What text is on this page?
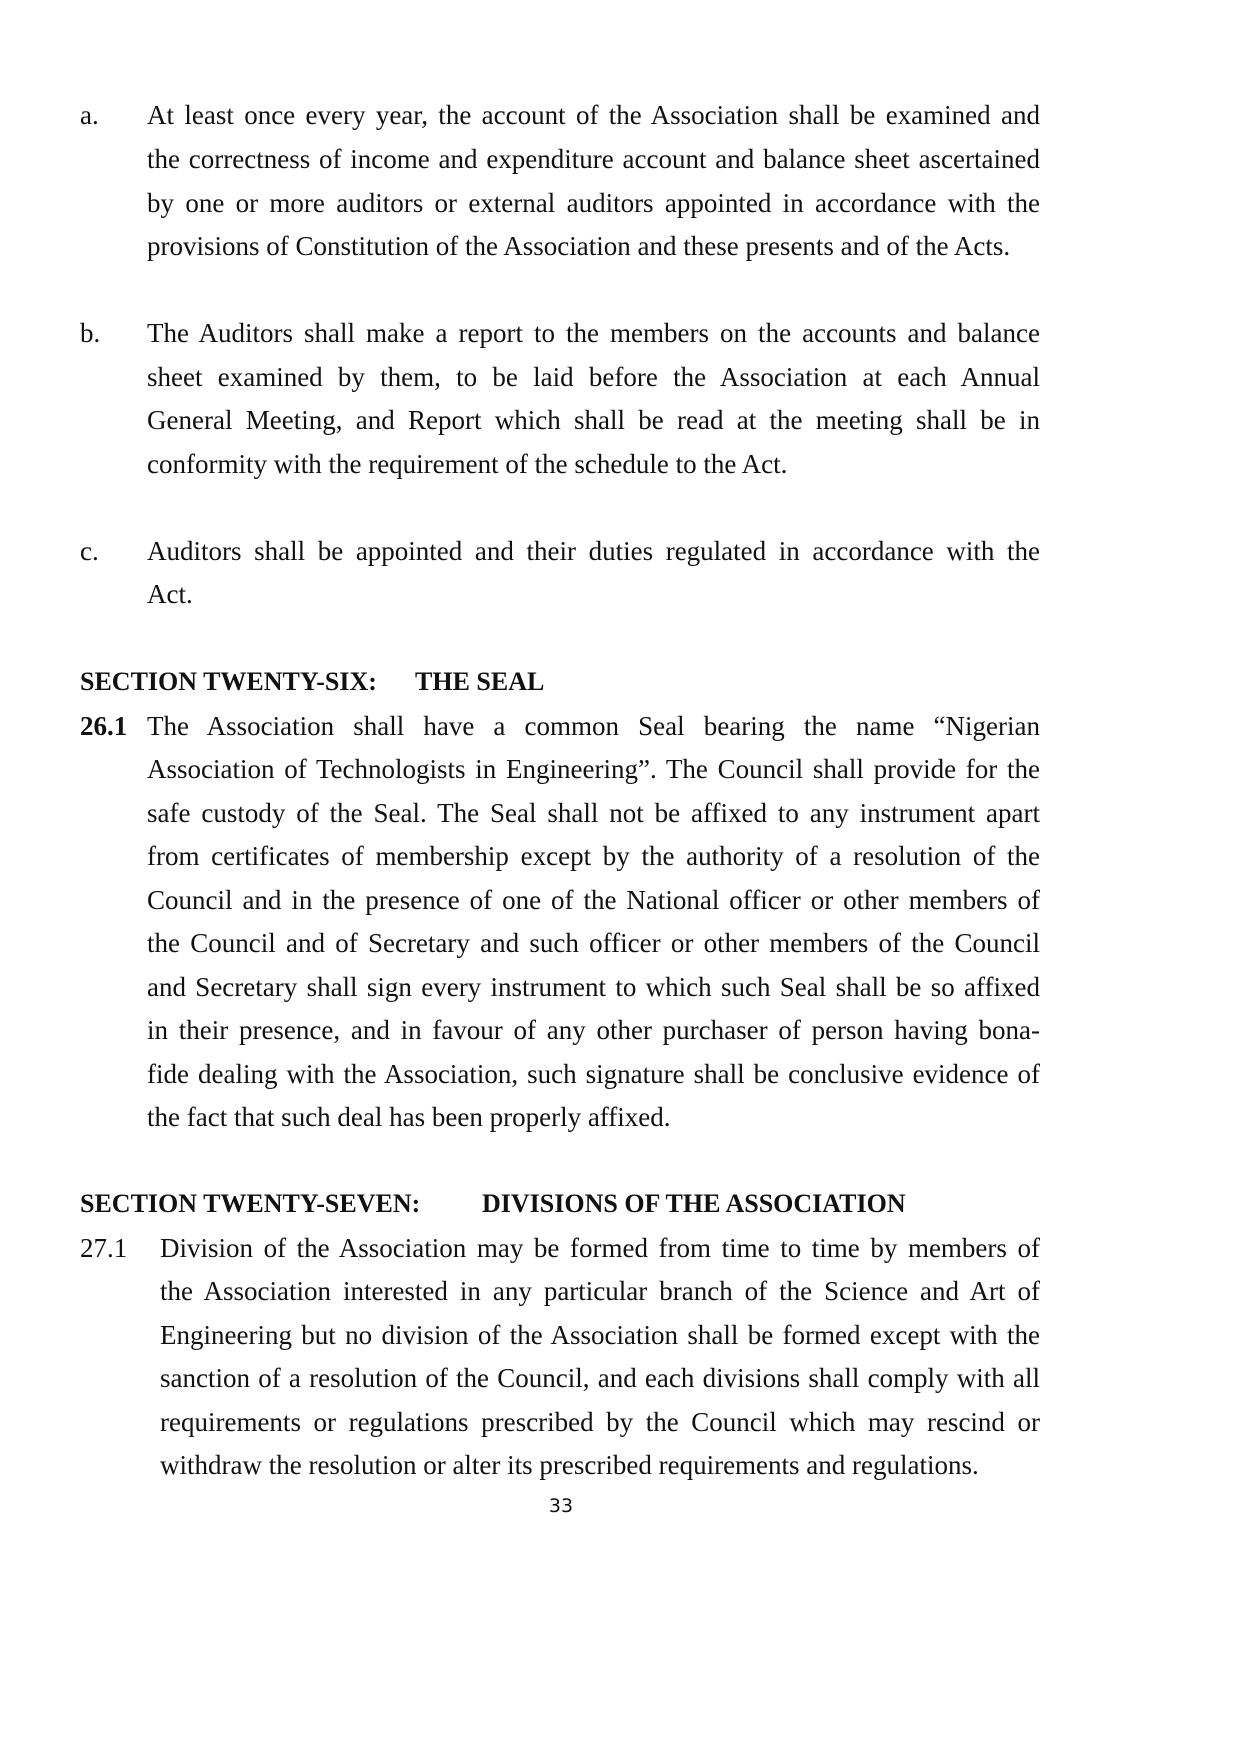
a. At least once every year, the account of the Association shall be examined and
the correctness of income and expenditure account and balance sheet ascertained
by one or more auditors or external auditors appointed in accordance with the
provisions of Constitution of the Association and these presents and of the Acts.
b. The Auditors shall make a report to the members on the accounts and balance
sheet examined by them, to be laid before the Association at each Annual
General Meeting, and Report which shall be read at the meeting shall be in
conformity with the requirement of the schedule to the Act.
c. Auditors shall be appointed and their duties regulated in accordance with the
Act.
SECTION TWENTY-SIX: THE SEAL
26.1 The Association shall have a common Seal bearing the name “Nigerian
Association of Technologists in Engineering”. The Council shall provide for the
safe custody of the Seal. The Seal shall not be affixed to any instrument apart
from certificates of membership except by the authority of a resolution of the
Council and in the presence of one of the National officer or other members of
the Council and of Secretary and such officer or other members of the Council
and Secretary shall sign every instrument to which such Seal shall be so affixed
in their presence, and in favour of any other purchaser of person having bona-
fide dealing with the Association, such signature shall be conclusive evidence of
the fact that such deal has been properly affixed.
SECTION TWENTY-SEVEN: DIVISIONS OF THE ASSOCIATION
27.1 Division of the Association may be formed from time to time by members of
the Association interested in any particular branch of the Science and Art of
Engineering but no division of the Association shall be formed except with the
sanction of a resolution of the Council, and each divisions shall comply with all
requirements or regulations prescribed by the Council which may rescind or
withdraw the resolution or alter its prescribed requirements and regulations.
33
